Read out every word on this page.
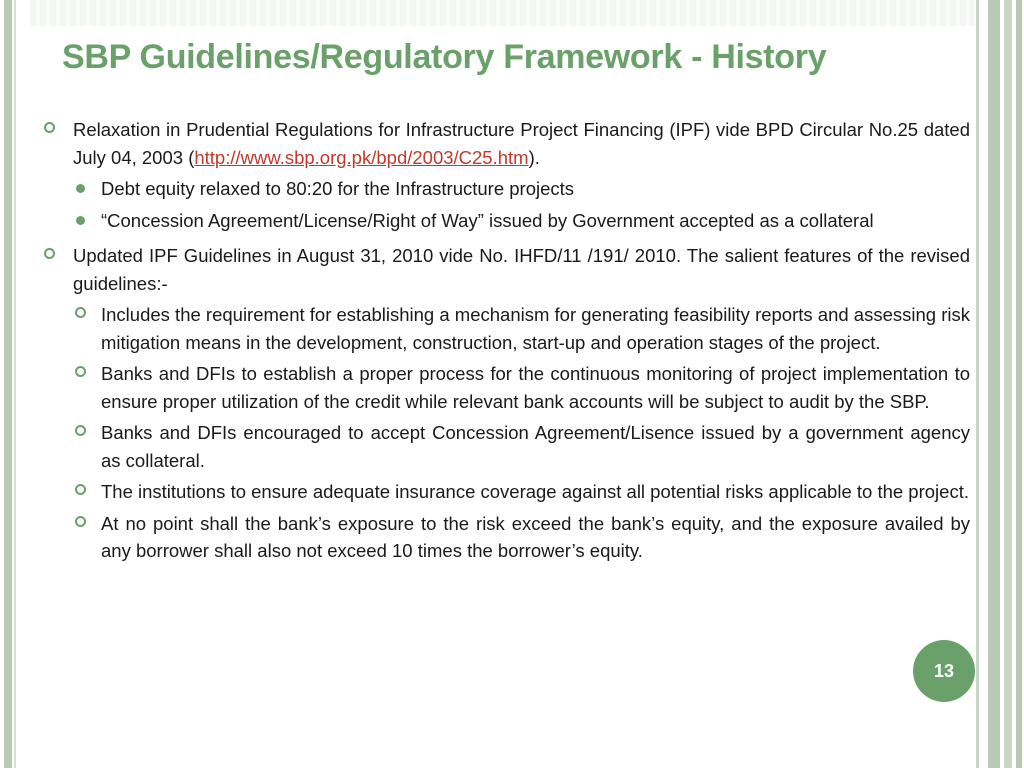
SBP Guidelines/Regulatory Framework - History
Relaxation in Prudential Regulations for Infrastructure Project Financing (IPF) vide BPD Circular No.25 dated July 04, 2003 (http://www.sbp.org.pk/bpd/2003/C25.htm).
Debt equity relaxed to 80:20 for the Infrastructure projects
“Concession Agreement/License/Right of Way” issued by Government accepted as a collateral
Updated IPF Guidelines in August 31, 2010 vide No. IHFD/11 /191/ 2010. The salient features of the revised guidelines:-
Includes the requirement for establishing a mechanism for generating feasibility reports and assessing risk mitigation means in the development, construction, start-up and operation stages of the project.
Banks and DFIs to establish a proper process for the continuous monitoring of project implementation to ensure proper utilization of the credit while relevant bank accounts will be subject to audit by the SBP.
Banks and DFIs encouraged to accept Concession Agreement/Lisence issued by a government agency as collateral.
The institutions to ensure adequate insurance coverage against all potential risks applicable to the project.
At no point shall the bank’s exposure to the risk exceed the bank’s equity, and the exposure availed by any borrower shall also not exceed 10 times the borrower’s equity.
13
